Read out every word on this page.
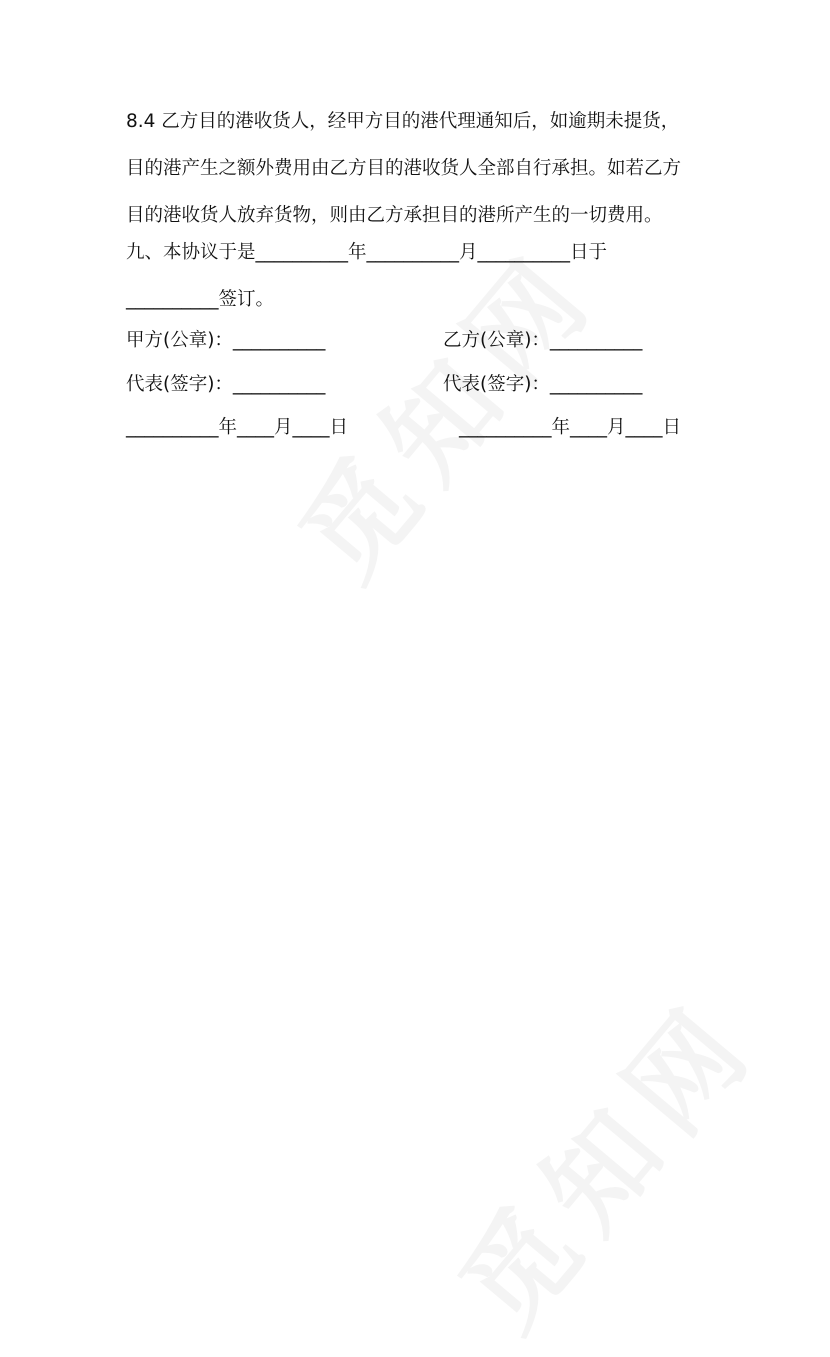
8.4 乙方目的港收货人，经甲方目的港代理通知后，如逾期未提货，
目的港产生之额外费用由乙方目的港收货人全部自行承担。如若乙方
目的港收货人放弃货物，则由乙方承担目的港所产生的一切费用。
九、本协议于是__________年__________月__________日于
__________签订。
甲方(公章)：__________	乙方(公章)：__________
代表(签字)：__________	代表(签字)：__________
__________年____月____日	__________年____月____日
